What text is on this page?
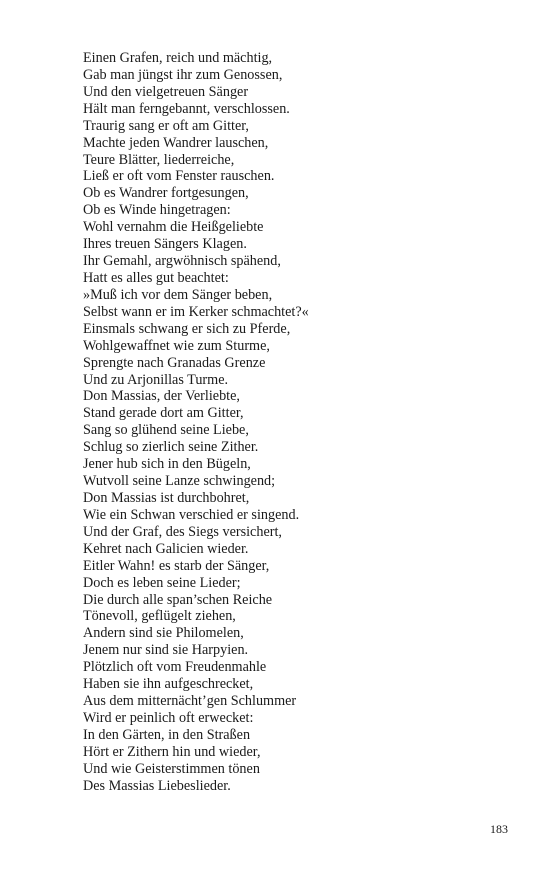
Einen Grafen, reich und mächtig,
Gab man jüngst ihr zum Genossen,
Und den vielgetreuen Sänger
Hält man ferngebannt, verschlossen.
Traurig sang er oft am Gitter,
Machte jeden Wandrer lauschen,
Teure Blätter, liederreiche,
Ließ er oft vom Fenster rauschen.
Ob es Wandrer fortgesungen,
Ob es Winde hingetragen:
Wohl vernahm die Heißgeliebte
Ihres treuen Sängers Klagen.
Ihr Gemahl, argwöhnisch spähend,
Hatt es alles gut beachtet:
»Muß ich vor dem Sänger beben,
Selbst wann er im Kerker schmachtet?«
Einsmals schwang er sich zu Pferde,
Wohlgewaffnet wie zum Sturme,
Sprengte nach Granadas Grenze
Und zu Arjonillas Turme.
Don Massias, der Verliebte,
Stand gerade dort am Gitter,
Sang so glühend seine Liebe,
Schlug so zierlich seine Zither.
Jener hub sich in den Bügeln,
Wutvoll seine Lanze schwingend;
Don Massias ist durchbohret,
Wie ein Schwan verschied er singend.
Und der Graf, des Siegs versichert,
Kehret nach Galicien wieder.
Eitler Wahn! es starb der Sänger,
Doch es leben seine Lieder;
Die durch alle span’schen Reiche
Tönevoll, geflügelt ziehen,
Andern sind sie Philomelen,
Jenem nur sind sie Harpyien.
Plötzlich oft vom Freudenmahle
Haben sie ihn aufgeschrecket,
Aus dem mitternächt’gen Schlummer
Wird er peinlich oft erwecket:
In den Gärten, in den Straßen
Hört er Zithern hin und wieder,
Und wie Geisterstimmen tönen
Des Massias Liebeslieder.
183
